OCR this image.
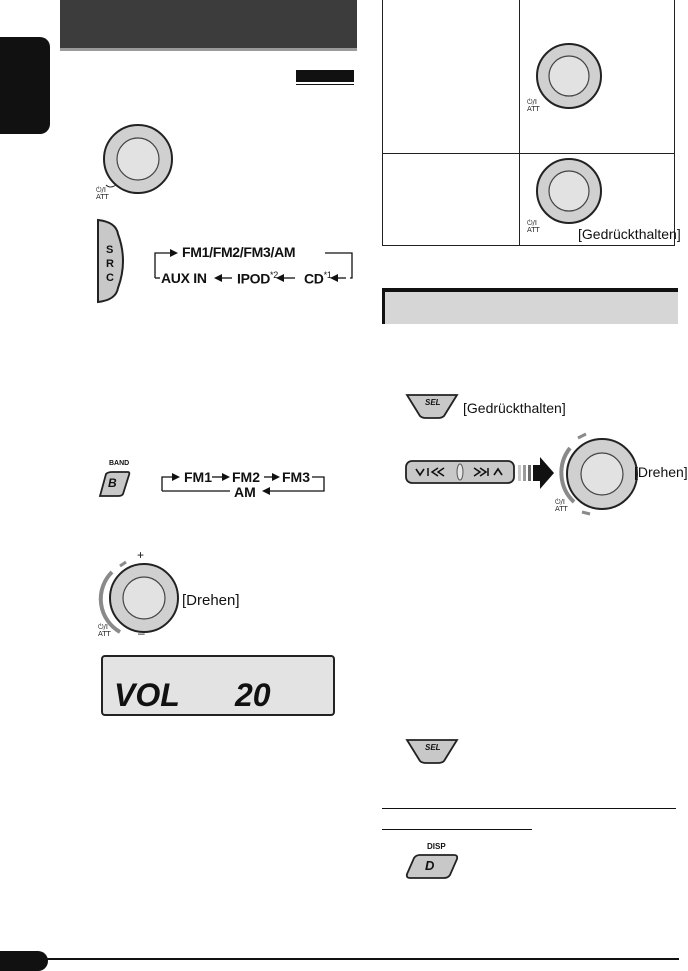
⏻/I
ATT
S
R
C
FM1/FM2/FM3/AM
AUX IN IPOD$^{*2}$ CD$^{*1}$
BAND
B	FM1 FM2 FM3
AM
+
–
⏻/I
ATT
[Drehen]
VOL 20
⏻/I
ATT
⏻/I
ATT	[Gedrückthalten]
SEL [Gedrückthalten]
⏻/I
ATT
[Drehen]
SEL
DISP
D
